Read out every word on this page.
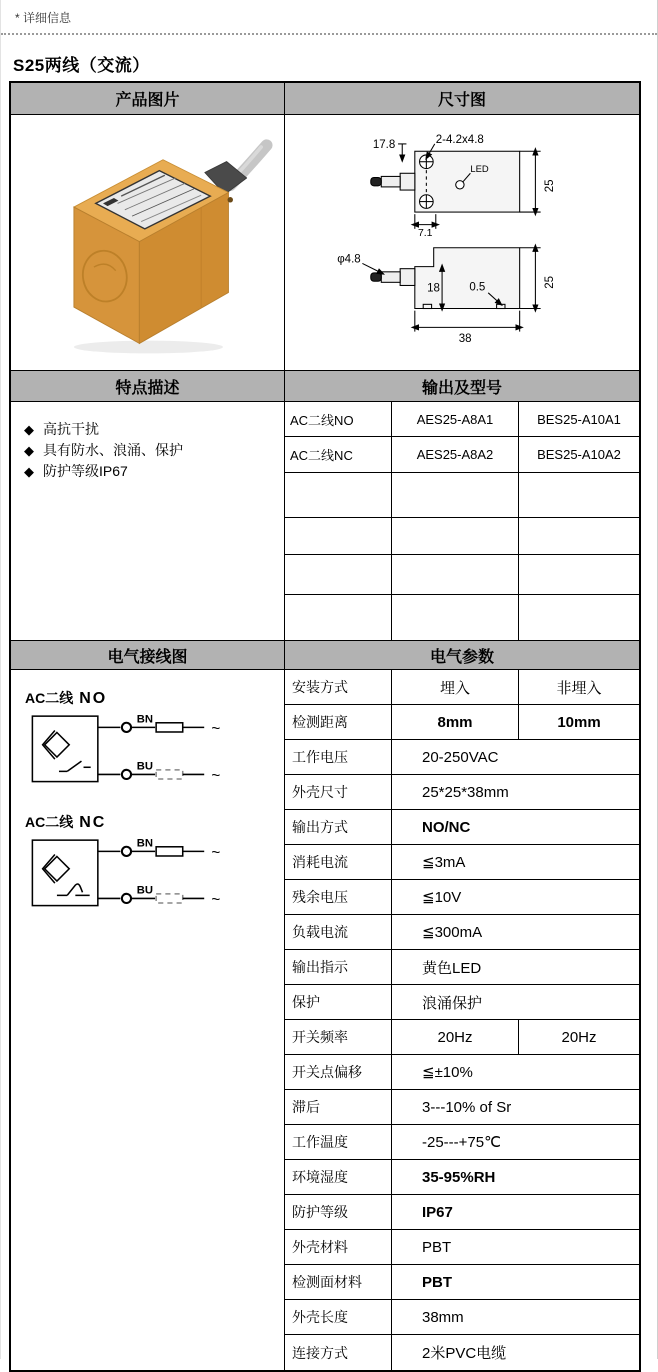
* 详细信息
S25两线（交流）
产品图片	尺寸图
LED
2-4.2x4.8
17.8
25
7.1
φ4.8
18	0.5	25
38
特点描述	输出及型号
◆ 高抗干扰
◆ 具有防水、浪涌、保护
◆ 防护等级IP67
AC二线NO	AES25-A8A1	BES25-A10A1
AC二线NC	AES25-A8A2	BES25-A10A2
电气接线图	电气参数
AC二线 NO
BN
~
BU
~
AC二线 NC
BN
~
BU
~
安装方式	埋入	非埋入
检测距离	8mm	10mm
工作电压	20-250VAC
外壳尺寸	25*25*38mm
输出方式	NO/NC
消耗电流	≦3mA
残余电压	≦10V
负载电流	≦300mA
输出指示	黄色LED
保护	浪涌保护
开关频率	20Hz	20Hz
开关点偏移	≦±10%
滞后	3---10% of Sr
工作温度	-25---+75℃
环境湿度	35-95%RH
防护等级	IP67
外壳材料	PBT
检测面材料	PBT
外壳长度	38mm
连接方式	2米PVC电缆
